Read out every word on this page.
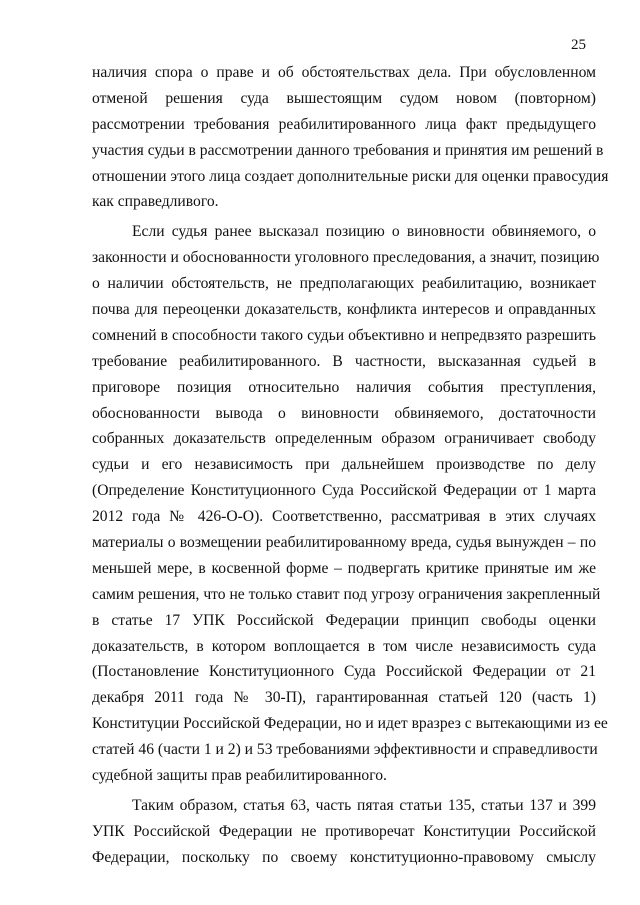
25
наличия спора о праве и об обстоятельствах дела. При обусловленном
отменой решения суда вышестоящим судом новом (повторном)
рассмотрении требования реабилитированного лица факт предыдущего
участия судьи в рассмотрении данного требования и принятия им решений в
отношении этого лица создает дополнительные риски для оценки правосудия
как справедливого.
Если судья ранее высказал позицию о виновности обвиняемого, о
законности и обоснованности уголовного преследования, а значит, позицию
о наличии обстоятельств, не предполагающих реабилитацию, возникает
почва для переоценки доказательств, конфликта интересов и оправданных
сомнений в способности такого судьи объективно и непредвзято разрешить
требование реабилитированного. В частности, высказанная судьей в
приговоре позиция относительно наличия события преступления,
обоснованности вывода о виновности обвиняемого, достаточности
собранных доказательств определенным образом ограничивает свободу
судьи и его независимость при дальнейшем производстве по делу
(Определение Конституционного Суда Российской Федерации от 1 марта
2012 года № 426-О-О). Соответственно, рассматривая в этих случаях
материалы о возмещении реабилитированному вреда, судья вынужден – по
меньшей мере, в косвенной форме – подвергать критике принятые им же
самим решения, что не только ставит под угрозу ограничения закрепленный
в статье 17 УПК Российской Федерации принцип свободы оценки
доказательств, в котором воплощается в том числе независимость суда
(Постановление Конституционного Суда Российской Федерации от 21
декабря 2011 года № 30-П), гарантированная статьей 120 (часть 1)
Конституции Российской Федерации, но и идет вразрез с вытекающими из ее
статей 46 (части 1 и 2) и 53 требованиями эффективности и справедливости
судебной защиты прав реабилитированного.
Таким образом, статья 63, часть пятая статьи 135, статьи 137 и 399
УПК Российской Федерации не противоречат Конституции Российской
Федерации, поскольку по своему конституционно-правовому смыслу
